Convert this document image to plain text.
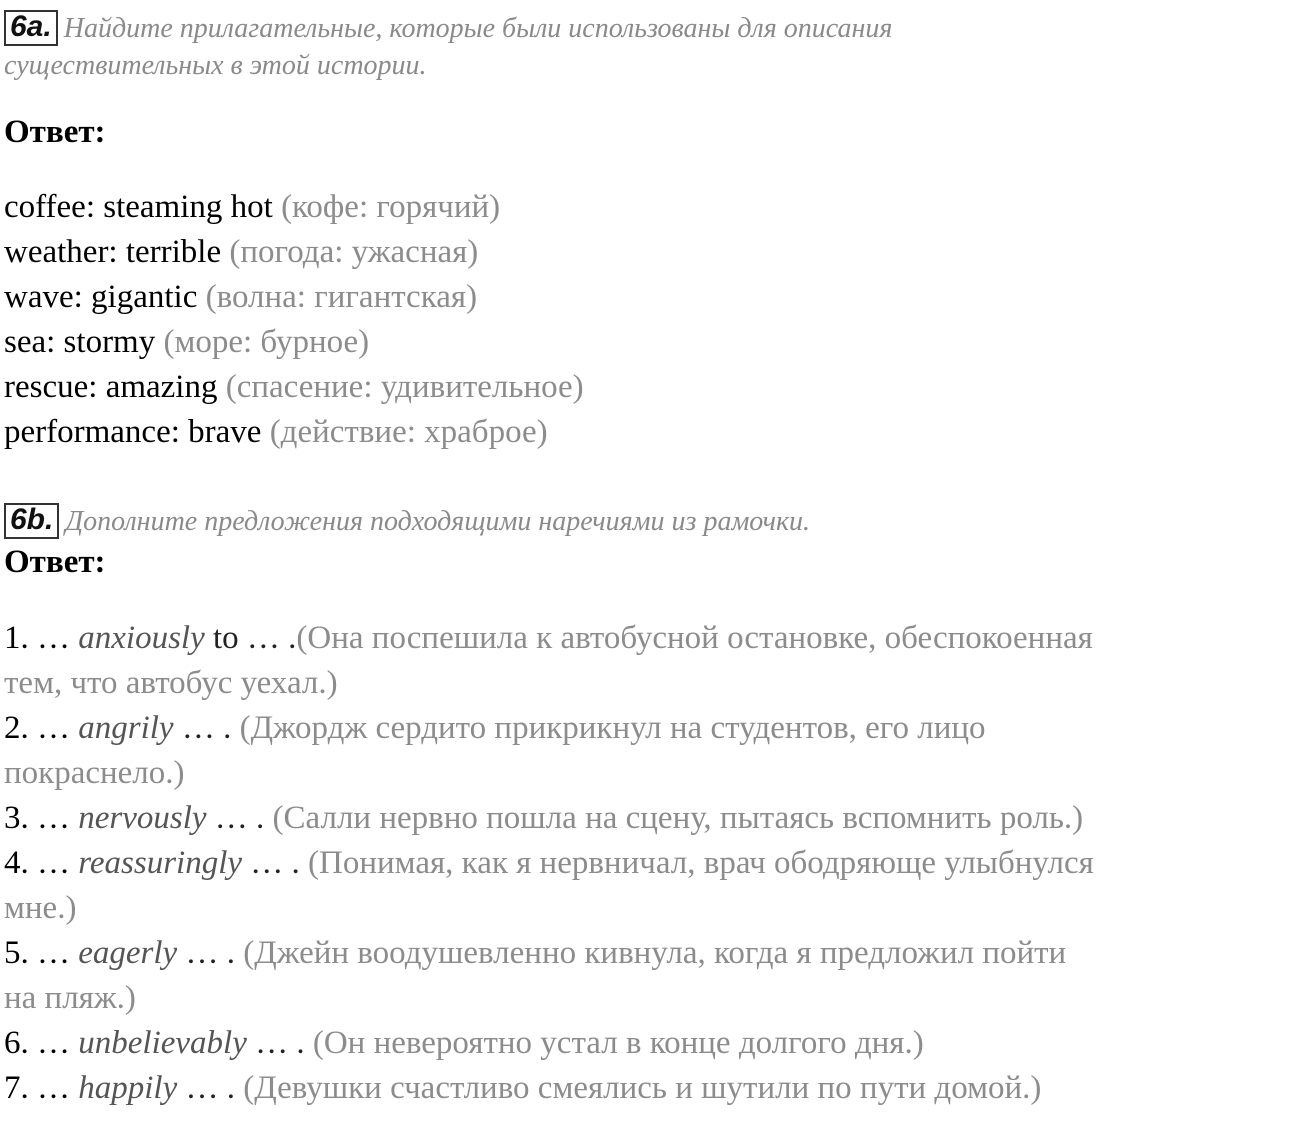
6a. Найдите прилагательные, которые были использованы для описания

существительных в этой истории.

Ответ:

coffee: steaming hot (кофе: горячий)

weather: terrible (погода: ужасная)

wave: gigantic (волна: гигантская)

sea: stormy (море: бурное)

rescue: amazing (спасение: удивительное)

performance: brave (действие: храброе)

6b. Дополните предложения подходящими наречиями из рамочки.

Ответ:

1. … anxiously to … .(Она поспешила к автобусной остановке, обеспокоенная

тем, что автобус уехал.)

2. … angrily … . (Джордж сердито прикрикнул на студентов, его лицо

покраснело.)

3. … nervously … . (Салли нервно пошла на сцену, пытаясь вспомнить роль.)

4. … reassuringly … . (Понимая, как я нервничал, врач ободряюще улыбнулся

мне.)

5. … eagerly … . (Джейн воодушевленно кивнула, когда я предложил пойти

на пляж.)

6. … unbelievably … . (Он невероятно устал в конце долгого дня.)

7. … happily … . (Девушки счастливо смеялись и шутили по пути домой.)
